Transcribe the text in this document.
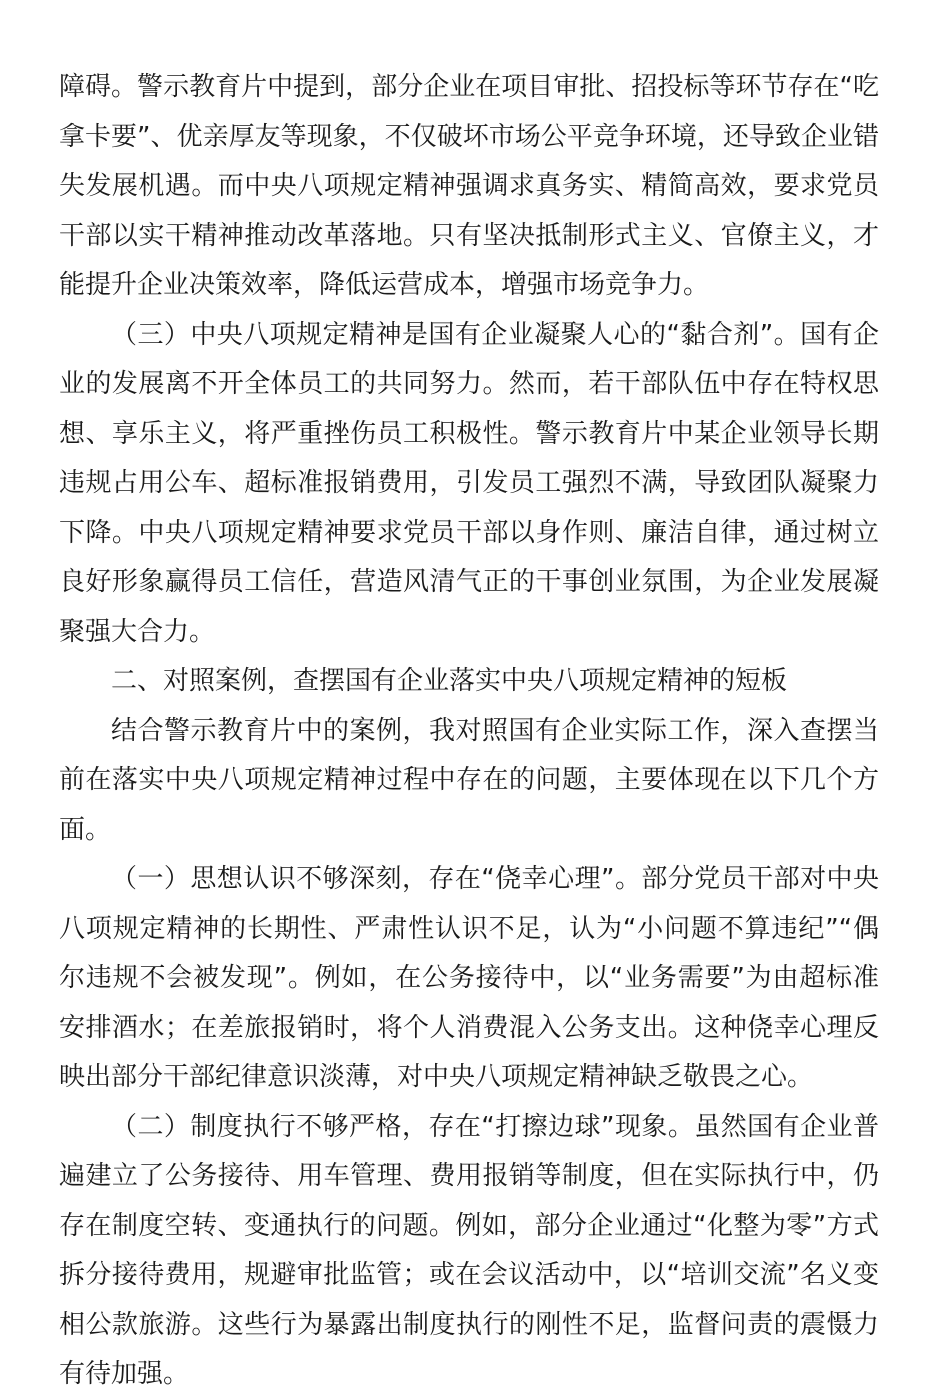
障碍。警示教育片中提到，部分企业在项目审批、招投标等环节存在“吃拿卡要”、优亲厚友等现象，不仅破坏市场公平竞争环境，还导致企业错失发展机遇。而中央八项规定精神强调求真务实、精简高效，要求党员干部以实干精神推动改革落地。只有坚决抵制形式主义、官僚主义，才能提升企业决策效率，降低运营成本，增强市场竞争力。

（三）中央八项规定精神是国有企业凝聚人心的“黏合剂”。国有企业的发展离不开全体员工的共同努力。然而，若干部队伍中存在特权思想、享乐主义，将严重挫伤员工积极性。警示教育片中某企业领导长期违规占用公车、超标准报销费用，引发员工强烈不满，导致团队凝聚力下降。中央八项规定精神要求党员干部以身作则、廉洁自律，通过树立良好形象赢得员工信任，营造风清气正的干事创业氛围，为企业发展凝聚强大合力。

二、对照案例，查摆国有企业落实中央八项规定精神的短板

结合警示教育片中的案例，我对照国有企业实际工作，深入查摆当前在落实中央八项规定精神过程中存在的问题，主要体现在以下几个方面。

（一）思想认识不够深刻，存在“侥幸心理”。部分党员干部对中央八项规定精神的长期性、严肃性认识不足，认为“小问题不算违纪”“偶尔违规不会被发现”。例如，在公务接待中，以“业务需要”为由超标准安排酒水；在差旅报销时，将个人消费混入公务支出。这种侥幸心理反映出部分干部纪律意识淡薄，对中央八项规定精神缺乏敬畏之心。

（二）制度执行不够严格，存在“打擦边球”现象。虽然国有企业普遍建立了公务接待、用车管理、费用报销等制度，但在实际执行中，仍存在制度空转、变通执行的问题。例如，部分企业通过“化整为零”方式拆分接待费用，规避审批监管；或在会议活动中，以“培训交流”名义变相公款旅游。这些行为暴露出制度执行的刚性不足，监督问责的震慑力有待加强。
